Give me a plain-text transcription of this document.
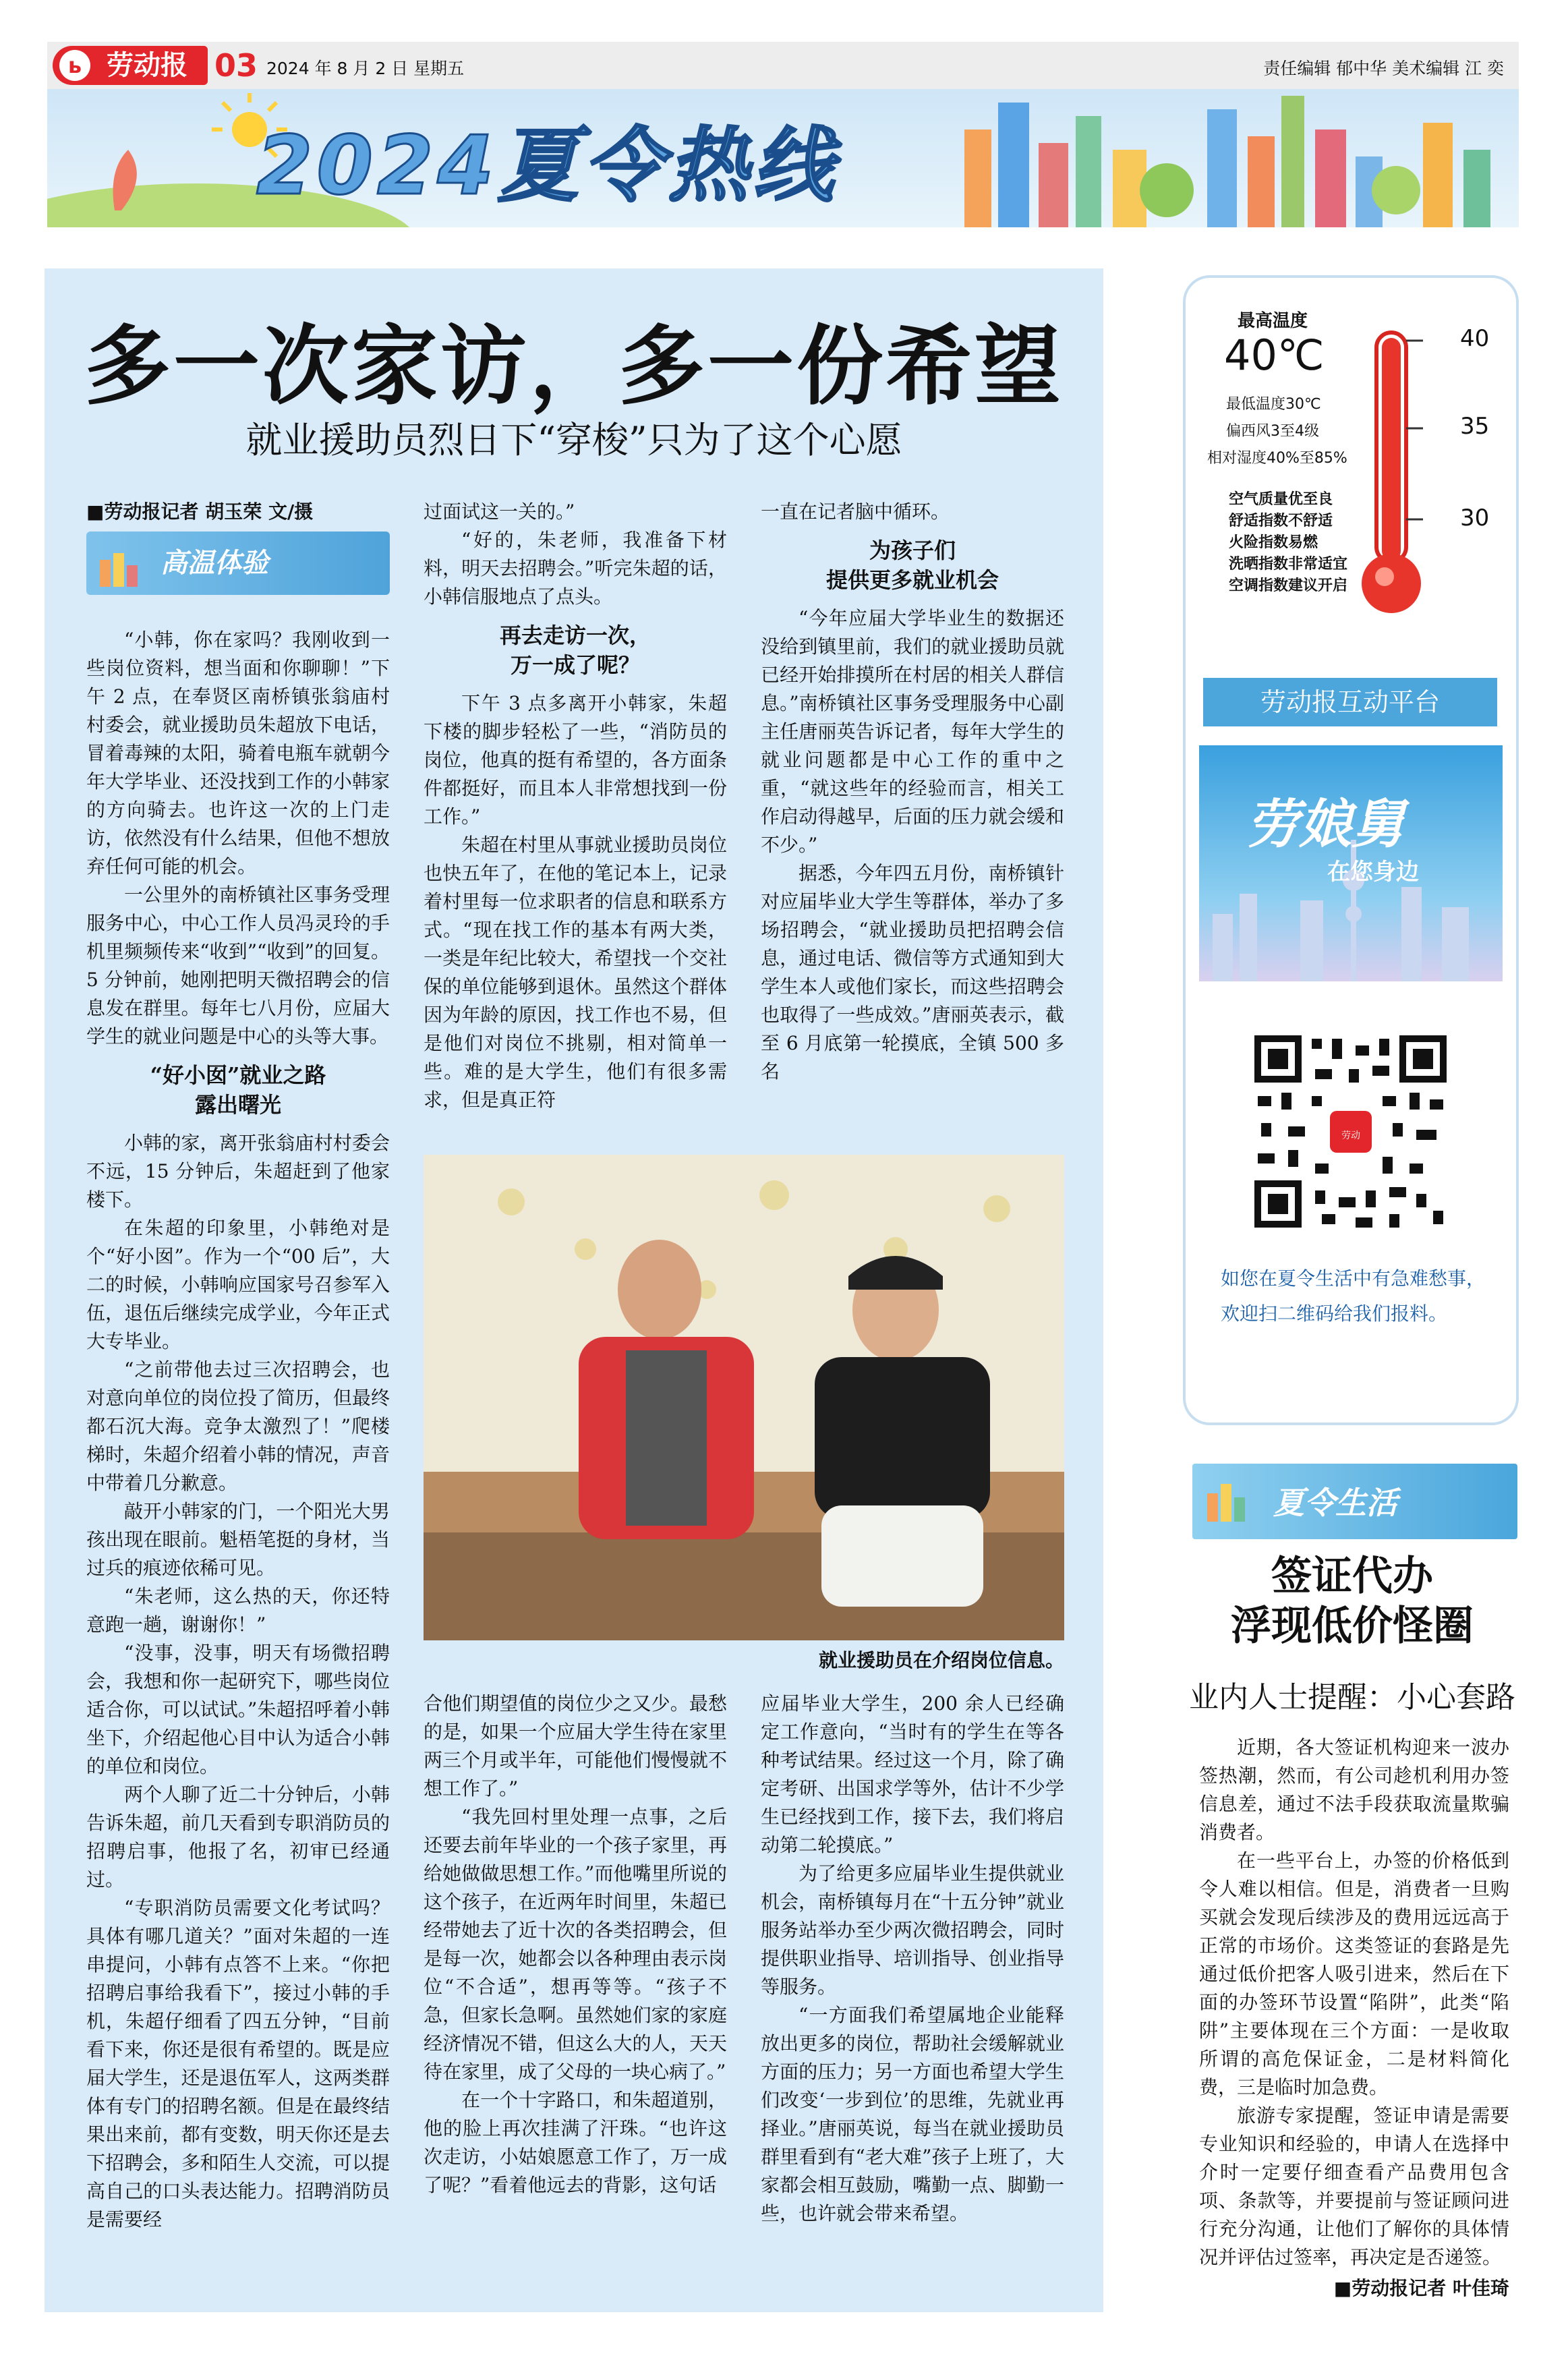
劳动报
ь	03 2024 年 8 月 2 日 星期五	责任编辑 郁中华 美术编辑 江 奕
2024夏令热线
多一次家访，多一份希望
就业援助员烈日下“穿梭”只为了这个心愿
■劳动报记者 胡玉荣 文/摄
高温体验

“小韩，你在家吗？我刚收到一些岗位资料，想当面和你聊聊！”下午 2 点，在奉贤区南桥镇张翁庙村村委会，就业援助员朱超放下电话，冒着毒辣的太阳，骑着电瓶车就朝今年大学毕业、还没找到工作的小韩家的方向骑去。也许这一次的上门走访，依然没有什么结果，但他不想放弃任何可能的机会。

一公里外的南桥镇社区事务受理服务中心，中心工作人员冯灵玲的手机里频频传来“收到”“收到”的回复。5 分钟前，她刚把明天微招聘会的信息发在群里。每年七八月份，应届大学生的就业问题是中心的头等大事。

“好小囡”就业之路
露出曙光

小韩的家，离开张翁庙村村委会不远，15 分钟后，朱超赶到了他家楼下。

在朱超的印象里，小韩绝对是个“好小囡”。作为一个“00 后”，大二的时候，小韩响应国家号召参军入伍，退伍后继续完成学业，今年正式大专毕业。

“之前带他去过三次招聘会，也对意向单位的岗位投了简历，但最终都石沉大海。竞争太激烈了！”爬楼梯时，朱超介绍着小韩的情况，声音中带着几分歉意。

敲开小韩家的门，一个阳光大男孩出现在眼前。魁梧笔挺的身材，当过兵的痕迹依稀可见。

“朱老师，这么热的天，你还特意跑一趟，谢谢你！”

“没事，没事，明天有场微招聘会，我想和你一起研究下，哪些岗位适合你，可以试试。”朱超招呼着小韩坐下，介绍起他心目中认为适合小韩的单位和岗位。

两个人聊了近二十分钟后，小韩告诉朱超，前几天看到专职消防员的招聘启事，他报了名，初审已经通过。

“专职消防员需要文化考试吗？具体有哪几道关？”面对朱超的一连串提问，小韩有点答不上来。“你把招聘启事给我看下”，接过小韩的手机，朱超仔细看了四五分钟，“目前看下来，你还是很有希望的。既是应届大学生，还是退伍军人，这两类群体有专门的招聘名额。但是在最终结果出来前，都有变数，明天你还是去下招聘会，多和陌生人交流，可以提高自己的口头表达能力。招聘消防员是需要经

过面试这一关的。”

“好的，朱老师，我准备下材料，明天去招聘会。”听完朱超的话，小韩信服地点了点头。

再去走访一次，
万一成了呢？

下午 3 点多离开小韩家，朱超下楼的脚步轻松了一些，“消防员的岗位，他真的挺有希望的，各方面条件都挺好，而且本人非常想找到一份工作。”

朱超在村里从事就业援助员岗位也快五年了，在他的笔记本上，记录着村里每一位求职者的信息和联系方式。“现在找工作的基本有两大类，一类是年纪比较大，希望找一个交社保的单位能够到退休。虽然这个群体因为年龄的原因，找工作也不易，但是他们对岗位不挑剔，相对简单一些。难的是大学生，他们有很多需求，但是真正符

一直在记者脑中循环。

为孩子们
提供更多就业机会

“今年应届大学毕业生的数据还没给到镇里前，我们的就业援助员就已经开始排摸所在村居的相关人群信息。”南桥镇社区事务受理服务中心副主任唐丽英告诉记者，每年大学生的就业问题都是中心工作的重中之重，“就这些年的经验而言，相关工作启动得越早，后面的压力就会缓和不少。”

据悉，今年四五月份，南桥镇针对应届毕业大学生等群体，举办了多场招聘会，“就业援助员把招聘会信息，通过电话、微信等方式通知到大学生本人或他们家长，而这些招聘会也取得了一些成效。”唐丽英表示，截至 6 月底第一轮摸底，全镇 500 多名

就业援助员在介绍岗位信息。

合他们期望值的岗位少之又少。最愁的是，如果一个应届大学生待在家里两三个月或半年，可能他们慢慢就不想工作了。”

“我先回村里处理一点事，之后还要去前年毕业的一个孩子家里，再给她做做思想工作。”而他嘴里所说的这个孩子，在近两年时间里，朱超已经带她去了近十次的各类招聘会，但是每一次，她都会以各种理由表示岗位“不合适”，想再等等。“孩子不急，但家长急啊。虽然她们家的家庭经济情况不错，但这么大的人，天天待在家里，成了父母的一块心病了。”

在一个十字路口，和朱超道别，他的脸上再次挂满了汗珠。“也许这次走访，小姑娘愿意工作了，万一成了呢？”看着他远去的背影，这句话

应届毕业大学生，200 余人已经确定工作意向，“当时有的学生在等各种考试结果。经过这一个月，除了确定考研、出国求学等外，估计不少学生已经找到工作，接下去，我们将启动第二轮摸底。”

为了给更多应届毕业生提供就业机会，南桥镇每月在“十五分钟”就业服务站举办至少两次微招聘会，同时提供职业指导、培训指导、创业指导等服务。

“一方面我们希望属地企业能释放出更多的岗位，帮助社会缓解就业方面的压力；另一方面也希望大学生们改变‘一步到位’的思维，先就业再择业。”唐丽英说，每当在就业援助员群里看到有“老大难”孩子上班了，大家都会相互鼓励，嘴勤一点、脚勤一些，也许就会带来希望。

最高温度
40℃
最低温度30℃
偏西风3至4级
相对湿度40%至85%
空气质量
舒适指数
火险指数
洗晒指数
空调指数
优至良
不舒适
易燃
非常适宜
建议开启
40
35
30
劳动报互动平台
劳娘舅
在您身边
劳动
如您在夏令生活中有急难愁事，欢迎扫二维码给我们报料。
夏令生活
签证代办
浮现低价怪圈
业内人士提醒：小心套路

近期，各大签证机构迎来一波办签热潮，然而，有公司趁机利用办签信息差，通过不法手段获取流量欺骗消费者。

在一些平台上，办签的价格低到令人难以相信。但是，消费者一旦购买就会发现后续涉及的费用远远高于正常的市场价。这类签证的套路是先通过低价把客人吸引进来，然后在下面的办签环节设置“陷阱”，此类“陷阱”主要体现在三个方面：一是收取所谓的高危保证金，二是材料简化费，三是临时加急费。

旅游专家提醒，签证申请是需要专业知识和经验的，申请人在选择中介时一定要仔细查看产品费用包含项、条款等，并要提前与签证顾问进行充分沟通，让他们了解你的具体情况并评估过签率，再决定是否递签。

■劳动报记者 叶佳琦
